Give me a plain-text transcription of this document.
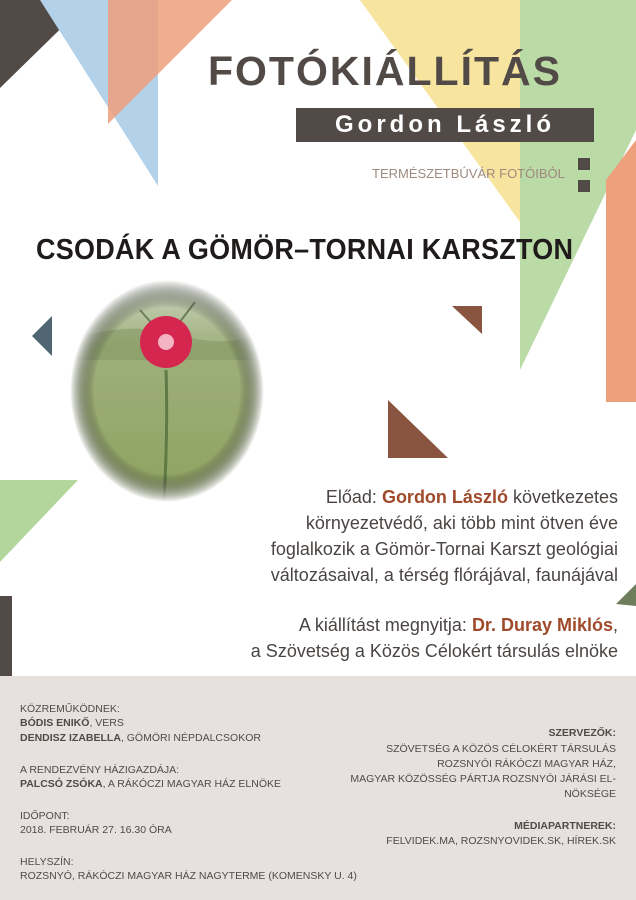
FOTÓKIÁLLÍTÁS
Gordon László
TERMÉSZETBÚVÁR FOTÓIBÓL
CSODÁK A GÖMÖR–TORNAI KARSZTON
Előad: Gordon László következetes
környezetvédő, aki több mint ötven éve
foglalkozik a Gömör-Tornai Karszt geológiai
változásaival, a térség flórájával, faunájával
A kiállítást megnyitja: Dr. Duray Miklós,
a Szövetség a Közös Célokért társulás elnöke
KÖZREMŰKÖDNEK:
BÓDIS ENIKŐ, VERS
DENDISZ IZABELLA, GÖMÖRI NÉPDALCSOKOR
A RENDEZVÉNY HÁZIGAZDÁJA:
PALCSÓ ZSÓKA, A RÁKÓCZI MAGYAR HÁZ ELNÖKE
IDŐPONT:
2018. FEBRUÁR 27. 16.30 ÓRA
HELYSZÍN:
ROZSNYÓ, RÁKÓCZI MAGYAR HÁZ NAGYTERME (KOMENSKY U. 4)
SZERVEZŐK:
SZÖVETSÉG A KÖZÖS CÉLOKÉRT TÁRSULÁS
ROZSNYÓI RÁKÓCZI MAGYAR HÁZ,
MAGYAR KÖZÖSSÉG PÁRTJA ROZSNYÓI JÁRÁSI EL-
NÖKSÉGE
MÉDIAPARTNEREK:
FELVIDEK.MA, ROZSNYOVIDEK.SK, HÍREK.SK
